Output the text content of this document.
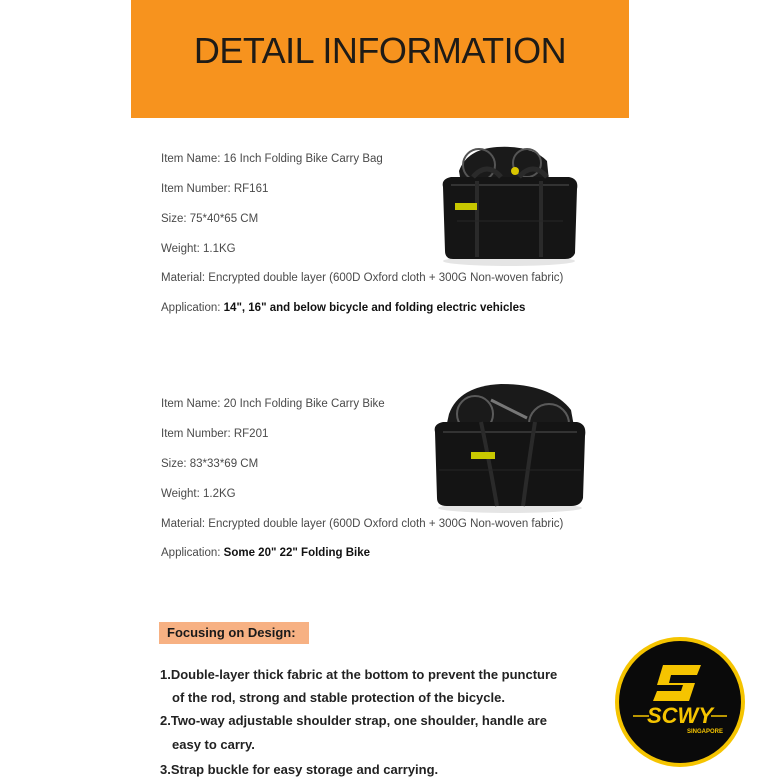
DETAIL INFORMATION
Item Name: 16 Inch Folding Bike Carry Bag
Item Number: RF161
Size: 75*40*65 CM
Weight: 1.1KG
Material: Encrypted double layer (600D Oxford cloth + 300G Non-woven fabric)
Application: 14", 16" and below bicycle and folding electric vehicles
Item Name: 20 Inch Folding Bike Carry Bike
Item Number: RF201
Size: 83*33*69 CM
Weight: 1.2KG
Material: Encrypted double layer (600D Oxford cloth + 300G Non-woven fabric)
Application: Some 20" 22" Folding Bike
Focusing on Design:
1.Double-layer thick fabric at the bottom to prevent the puncture
of the rod, strong and stable protection of the bicycle.
2.Two-way adjustable shoulder strap, one shoulder, handle are
easy to carry.
3.Strap buckle for easy storage and carrying.
SCWY
SINGAPORE
